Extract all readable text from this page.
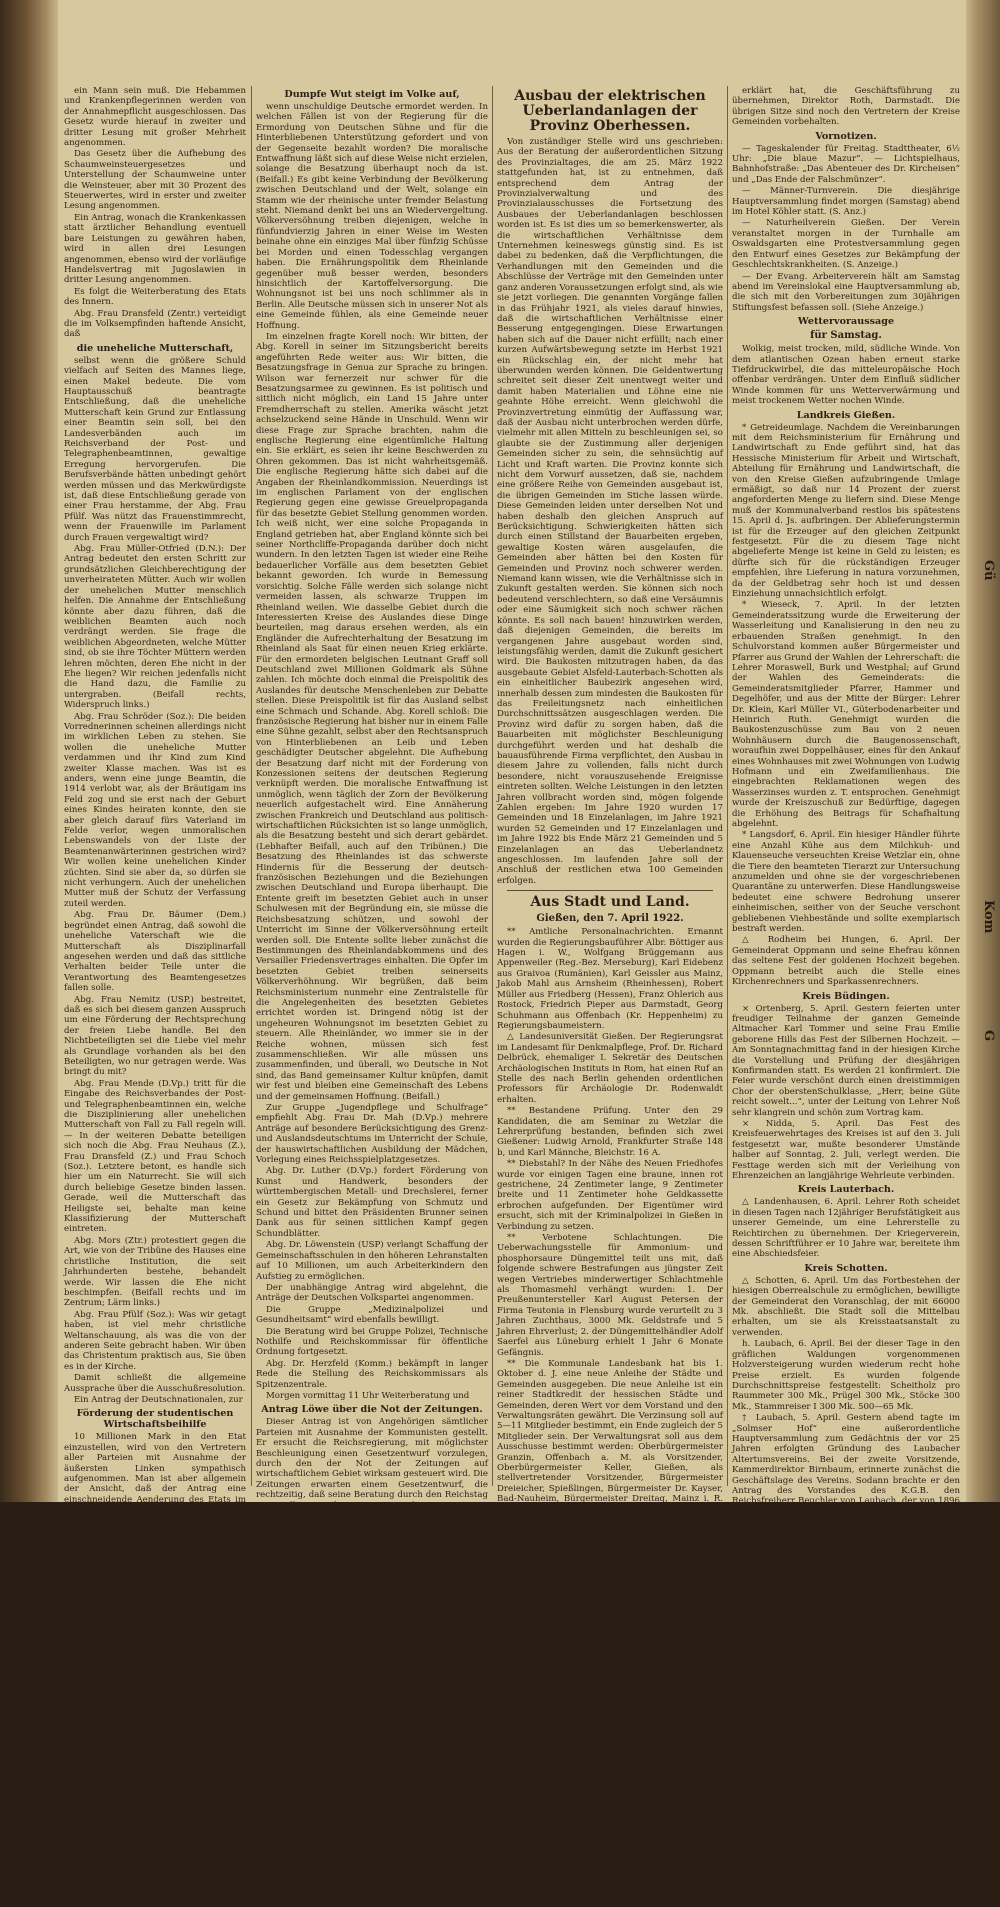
ein Mann sein muß. Die Hebammen und Krankenpflegerinnen werden von der Annahmepflicht ausgeschlossen. Das Gesetz wurde hierauf in zweiter und dritter Lesung mit großer Mehrheit angenommen.

Das Gesetz über die Aufhebung des Schaumweinsteuergesetzes und Unterstellung der Schaumweine unter die Weinsteuer, aber mit 30 Prozent des Steuerwertes, wird in erster und zweiter Lesung angenommen.

Ein Antrag, wonach die Krankenkassen statt ärztlicher Behandlung eventuell bare Leistungen zu gewähren haben, wird in allen drei Lesungen angenommen, ebenso wird der vorläufige Handelsvertrag mit Jugoslawien in dritter Lesung angenommen.

Es folgt die Weiterberatung des Etats des Innern.

Abg. Frau Dransfeld (Zentr.) verteidigt die im Volksempfinden haftende Ansicht, daß

die uneheliche Mutterschaft,

selbst wenn die größere Schuld vielfach auf Seiten des Mannes liege, einen Makel bedeute. Die vom Hauptausschuß beantragte Entschließung, daß die uneheliche Mutterschaft kein Grund zur Entlassung einer Beamtin sein soll, bei den Landesverbänden auch im Reichsverband der Post- und Telegraphenbeamtinnen, gewaltige Erregung hervorgerufen. Die Berufsverbände hätten unbedingt gehört werden müssen und das Merkwürdigste ist, daß diese Entschließung gerade von einer Frau herstamme, der Abg. Frau Pfülf. Was nützt das Frauenstimmrecht, wenn der Frauenwille im Parlament durch Frauen vergewaltigt wird?

Abg. Frau Müller-Otfried (D.N.): Der Antrag bedeutet den ersten Schritt zur grundsätzlichen Gleichberechtigung der unverheirateten Mütter. Auch wir wollen der unehelichen Mutter menschlich helfen. Die Annahme der Entschließung könnte aber dazu führen, daß die weiblichen Beamten auch noch verdrängt werden. Sie frage die weiblichen Abgeordneten, welche Mütter sind, ob sie ihre Töchter Müttern werden lehren möchten, deren Ehe nicht in der Ehe liegen? Wir reichen jedenfalls nicht die Hand dazu, die Familie zu untergraben. (Beifall rechts, Widerspruch links.)

Abg. Frau Schröder (Soz.): Die beiden Vorrednerinnen scheinen allerdings nicht im wirklichen Leben zu stehen. Sie wollen die uneheliche Mutter verdammen und ihr Kind zum Kind zweiter Klasse machen. Was ist es anders, wenn eine junge Beamtin, die 1914 verlobt war, als der Bräutigam ins Feld zog und sie erst nach der Geburt eines Kindes heiraten konnte, den sie aber gleich darauf fürs Vaterland im Felde verlor, wegen unmoralischen Lebenswandels von der Liste der Beamtenanwärterinnen gestrichen wird? Wir wollen keine unehelichen Kinder züchten. Sind sie aber da, so dürfen sie nicht verhungern. Auch der unehelichen Mutter muß der Schutz der Verfassung zuteil werden.

Abg. Frau Dr. Bäumer (Dem.) begründet einen Antrag, daß sowohl die uneheliche Vaterschaft wie die Mutterschaft als Disziplinarfall angesehen werden und daß das sittliche Verhalten beider Teile unter die Verantwortung des Beamtengesetzes fallen solle.

Abg. Frau Nemitz (USP.) bestreitet, daß es sich bei diesem ganzen Ausspruch um eine Förderung der Rechtsprechung der freien Liebe handle. Bei den Nichtbeteiligten sei die Liebe viel mehr als Grundlage vorhanden als bei den Beteiligten, wo nur getragen werde. Was bringt du mit?

Abg. Frau Mende (D.Vp.) tritt für die Eingabe des Reichsverbandes der Post- und Telegraphenbeamtinnen ein, welche die Disziplinierung aller unehelichen Mutterschaft von Fall zu Fall regeln will. — In der weiteren Debatte beteiligen sich noch die Abg. Frau Neuhaus (Z.), Frau Dransfeld (Z.) und Frau Schoch (Soz.). Letztere betont, es handle sich hier um ein Naturrecht. Sie will sich durch beliebige Gesetze binden lassen. Gerade, weil die Mutterschaft das Heiligste sei, behalte man keine Klassifizierung der Mutterschaft eintreten.

Abg. Mors (Ztr.) protestiert gegen die Art, wie von der Tribüne des Hauses eine christliche Institution, die seit Jahrhunderten bestehe, behandelt werde. Wir lassen die Ehe nicht beschimpfen. (Beifall rechts und im Zentrum; Lärm links.)

Abg. Frau Pfülf (Soz.): Was wir getagt haben, ist viel mehr christliche Weltanschauung, als was die von der anderen Seite gebracht haben. Wir üben das Christentum praktisch aus, Sie üben es in der Kirche.

Damit schließt die allgemeine Aussprache über die Ausschußresolution.

Ein Antrag der Deutschnationalen, zur

Förderung der studentischen Wirtschaftsbeihilfe

10 Millionen Mark in den Etat einzustellen, wird von den Vertretern aller Parteien mit Ausnahme der äußersten Linken sympathisch aufgenommen. Man ist aber allgemein der Ansicht, daß der Antrag eine einschneidende Aenderung des Etats im letzten Moment bedeute und somit hier nicht erfüllt werden könne.

Abg. Koch-Weser (Dem.) befürwortet eine Entschließung wegen Errichtung eines Hochhauses in Berlin zur Unterbringung der hauptsächlichsten Regierungsstellen. Diese Entschließung wird angenommen, ebenso eine solche, über Vorlegung eines Lehrerbildungsgesetzes.

Der Antrag über die studentische Wirtschaftsbeihilfe wird abgelehnt, die Entschließung über baldige Schaffung einer Einheitsstenographie angenommen.

Die Entschließung, wonach uneheliche Mutterschaft kein Entlassungsgrund sein soll, wird unter lebhaften Pfuirufen der Linken mit 199 gegen 156 Stimmen bei zwei Stimmenthaltungen abgelehnt.

Der demokratische Antrag, die Entscheidung über die höhere Beamtenqualifikation von Fall zu Fall zu treffen, wird dem Rechtsausschuß überwiesen.

Nachdem sodann das Gesetz über die Beseitigung der Schaumweinsteuer in dritter Lesung endgültig angenommen worden war, wird die Etatsberatung fortgesetzt.

Beim Kapitel „Besetzte Gebiete“ führt der Abg. Korell (Dem.) aus: Es ist eine politische und sittliche Unmöglichkeit, ein Land wie das Rheinland 15 Jahre unter fremder Willkürherrschaft zu halten. Es zeigt sich da die völlige Abhängigkeit der englischen von der französischen Politik.

Dumpfe Wut steigt im Volke auf,

wenn unschuldige Deutsche ermordet werden. In welchen Fällen ist von der Regierung für die Ermordung von Deutschen Sühne und für die Hinterbliebenen Unterstützung gefordert und von der Gegenseite bezahlt worden? Die moralische Entwaffnung läßt sich auf diese Weise nicht erzielen, solange die Besatzung überhaupt noch da ist. (Beifall.) Es gibt keine Verbindung der Bevölkerung zwischen Deutschland und der Welt, solange ein Stamm wie der rheinische unter fremder Belastung steht. Niemand denkt bei uns an Wiedervergeltung. Völkerversöhnung treiben diejenigen, welche in fünfundvierzig Jahren in einer Weise im Westen beinahe ohne ein einziges Mal über fünfzig Schüsse bei Morden und einen Todesschlag vergangen haben. Die Ernährungspolitik dem Rheinlande gegenüber muß besser werden, besonders hinsichtlich der Kartoffelversorgung. Die Wohnungsnot ist bei uns noch schlimmer als in Berlin. Alle Deutsche müssen sich in unserer Not als eine Gemeinde fühlen, als eine Gemeinde neuer Hoffnung.

Im einzelnen fragte Korell noch: Wir bitten, der Abg. Korell in seiner im Sitzungsbericht bereits angeführten Rede weiter aus: Wir bitten, die Besatzungsfrage in Genua zur Sprache zu bringen. Wilson war fernerzeit nur schwer für die Besatzungsarmee zu gewinnen. Es ist politisch und sittlich nicht möglich, ein Land 15 Jahre unter Fremdherrschaft zu stellen. Amerika wäscht jetzt achselzuckend seine Hände in Unschuld. Wenn wir diese Frage zur Sprache brachten, nahm die englische Regierung eine eigentümliche Haltung ein. Sie erklärt, es seien ihr keine Beschwerden zu Ohren gekommen. Das ist nicht wahrheitsgemäß. Die englische Regierung hätte sich dabei auf die Angaben der Rheinlandkommission. Neuerdings ist im englischen Parlament von der englischen Regierung gegen eine gewisse Greuelpropaganda für das besetzte Gebiet Stellung genommen worden. Ich weiß nicht, wer eine solche Propaganda in England getrieben hat, aber England könnte sich bei seiner Northcliffe-Propaganda darüber doch nicht wundern. In den letzten Tagen ist wieder eine Reihe bedauerlicher Vorfälle aus dem besetzten Gebiet bekannt geworden. Ich wurde in Bemessung vorsichtig. Solche Fälle werden sich solange nicht vermeiden lassen, als schwarze Truppen im Rheinland weilen. Wie dasselbe Gebiet durch die Interessierten Kreise des Auslandes diese Dinge beurteilen, mag daraus ersehen werden, als ein Engländer die Aufrechterhaltung der Besatzung im Rheinland als Saat für einen neuen Krieg erklärte. Für den ermordeten belgischen Leutnant Graff soll Deutschland zwei Millionen Goldmark als Sühne zahlen. Ich möchte doch einmal die Preispolitik des Auslandes für deutsche Menschenleben zur Debatte stellen. Diese Preispolitik ist für das Ausland selbst eine Schmach und Schande. Abg. Korell schloß: Die französische Regierung hat bisher nur in einem Falle eine Sühne gezahlt, selbst aber den Rechtsanspruch von Hinterbliebenen an Leib und Leben geschädigter Deutscher abgelehnt. Die Aufhebung der Besatzung darf nicht mit der Forderung von Konzessionen seitens der deutschen Regierung verknüpft werden. Die moralische Entwaffnung ist unmöglich, wenn täglich der Zorn der Bevölkerung neuerlich aufgestachelt wird. Eine Annäherung zwischen Frankreich und Deutschland aus politisch-wirtschaftlichen Rücksichten ist so lange unmöglich, als die Besatzung besteht und sich derart gebärdet. (Lebhafter Beifall, auch auf den Tribünen.) Die Besatzung des Rheinlandes ist das schwerste Hindernis für die Besserung der deutsch-französischen Beziehungen und die Beziehungen zwischen Deutschland und Europa überhaupt. Die Entente greift im besetzten Gebiet auch in unser Schulwesen mit der Begründung ein, sie müsse die Reichsbesatzung schützen, und sowohl der Unterricht im Sinne der Völkerversöhnung erteilt werden soll. Die Entente sollte lieber zunächst die Bestimmungen des Rheinlandabkommens und des Versailler Friedensvertrages einhalten. Die Opfer im besetzten Gebiet treiben seinerseits Völkerverhöhnung. Wir begrüßen, daß beim Reichsministerium nunmehr eine Zentralstelle für die Angelegenheiten des besetzten Gebietes errichtet worden ist. Dringend nötig ist der ungeheuren Wohnungsnot im besetzten Gebiet zu steuern. Alle Rheinländer, wo immer sie in der Reiche wohnen, müssen sich fest zusammenschließen. Wir alle müssen uns zusammenfinden, und überall, wo Deutsche in Not sind, das Band gemeinsamer Kultur knüpfen, damit wir fest und bleiben eine Gemeinschaft des Lebens und der gemeinsamen Hoffnung. (Beifall.)

Zur Gruppe „Jugendpflege und Schulfrage“ empfiehlt Abg. Frau Dr. Mah (D.Vp.) mehrere Anträge auf besondere Berücksichtigung des Grenz- und Auslandsdeutschtums im Unterricht der Schule, der hauswirtschaftlichen Ausbildung der Mädchen, Vorlegung eines Reichsspielplatzgesetzes.

Abg. Dr. Luther (D.Vp.) fordert Förderung von Kunst und Handwerk, besonders der württembergischen Metall- und Drechslerei, ferner ein Gesetz zur Bekämpfung von Schmutz und Schund und bittet den Präsidenten Brunner seinen Dank aus für seinen sittlichen Kampf gegen Schundblätter.

Abg. Dr. Löwenstein (USP) verlangt Schaffung der Gemeinschaftsschulen in den höheren Lehranstalten auf 10 Millionen, um auch Arbeiterkindern den Aufstieg zu ermöglichen.

Der unabhängige Antrag wird abgelehnt, die Anträge der Deutschen Volkspartei angenommen.

Die Gruppe „Medizinalpolizei und Gesundheitsamt“ wird ebenfalls bewilligt.

Die Beratung wird bei Gruppe Polizei, Technische Nothilfe und Reichskommissar für öffentliche Ordnung fortgesetzt.

Abg. Dr. Herzfeld (Komm.) bekämpft in langer Rede die Stellung des Reichskommissars als Spitzenzentrale.

Morgen vormittag 11 Uhr Weiterberatung und

Antrag Löwe über die Not der Zeitungen.

Dieser Antrag ist von Angehörigen sämtlicher Parteien mit Ausnahme der Kommunisten gestellt. Er ersucht die Reichsregierung, mit möglichster Beschleunigung einen Gesetzentwurf vorzulegen, durch den der Not der Zeitungen auf wirtschaftlichem Gebiet wirksam gesteuert wird. Die Zeitungen erwarten einem Gesetzentwurf, die rechtzeitig, daß seine Beratung durch den Reichstag unmittelbar nach seinem Wiederzusammentritt begonnen werden kann.

Ausbau der elektrischen Ueberlandanlagen der Provinz Oberhessen.

Von zuständiger Stelle wird uns geschrieben: Aus der Beratung der außerordentlichen Sitzung des Provinzialtages, die am 25. März 1922 stattgefunden hat, ist zu entnehmen, daß entsprechend dem Antrag der Provinzialverwaltung und des Provinzialausschusses die Fortsetzung des Ausbaues der Ueberlandanlagen beschlossen worden ist. Es ist dies um so bemerkenswerter, als die wirtschaftlichen Verhältnisse dem Unternehmen keineswegs günstig sind. Es ist dabei zu bedenken, daß die Verpflichtungen, die Verhandlungen mit den Gemeinden und die Abschlüsse der Verträge mit den Gemeinden unter ganz anderen Voraussetzungen erfolgt sind, als wie sie jetzt vorliegen. Die genannten Vorgänge fallen in das Frühjahr 1921, als vieles darauf hinwies, daß die wirtschaftlichen Verhältnisse einer Besserung entgegengingen. Diese Erwartungen haben sich auf die Dauer nicht erfüllt; nach einer kurzen Aufwärtsbewegung setzte im Herbst 1921 ein Rückschlag ein, der nicht mehr hat überwunden werden können. Die Geldentwertung schreitet seit dieser Zeit unentwegt weiter und damit haben Materialien und Löhne eine nie geahnte Höhe erreicht. Wenn gleichwohl die Provinzvertretung einmütig der Auffassung war, daß der Ausbau nicht unterbrochen werden dürfe, vielmehr mit allen Mitteln zu beschleunigen sei, so glaubte sie der Zustimmung aller derjenigen Gemeinden sicher zu sein, die sehnsüchtig auf Licht und Kraft warten. Die Provinz konnte sich nicht dem Vorwurf aussetzen, daß sie, nachdem eine größere Reihe von Gemeinden ausgebaut ist, die übrigen Gemeinden im Stiche lassen würde. Diese Gemeinden leiden unter derselben Not und haben deshalb den gleichen Anspruch auf Berücksichtigung. Schwierigkeiten hätten sich durch einen Stillstand der Bauarbeiten ergeben, gewaltige Kosten wären ausgelaufen, die Gemeinden aber hätten bei den Kosten für Gemeinden und Provinz noch schwerer werden. Niemand kann wissen, wie die Verhältnisse sich in Zukunft gestalten werden. Sie können sich noch bedeutend verschlechtern, so daß eine Versäumnis oder eine Säumigkeit sich noch schwer rächen könnte. Es soll nach bauen! hinzuwirken werden, daß diejenigen Gemeinden, die bereits im vergangenen Jahre ausgebaut worden sind, leistungsfähig werden, damit die Zukunft gesichert wird. Die Baukosten mitzutragen haben, da das ausgebaute Gebiet Alsfeld-Lauterbach-Schotten als ein einheitlicher Baubezirk angesehen wird, innerhalb dessen zum mindesten die Baukosten für das Freileitungsnetz nach einheitlichen Durchschnittssätzen ausgeschlagen werden. Die Provinz wird dafür zu sorgen haben, daß die Bauarbeiten mit möglichster Beschleunigung durchgeführt werden und hat deshalb die bauausführende Firma verpflichtet, den Ausbau in diesem Jahre zu vollenden, falls nicht durch besondere, nicht vorauszusehende Ereignisse eintreten sollten. Welche Leistungen in den letzten Jahren vollbracht worden sind, mögen folgende Zahlen ergeben: Im Jahre 1920 wurden 17 Gemeinden und 18 Einzelanlagen, im Jahre 1921 wurden 52 Gemeinden und 17 Einzelanlagen und im Jahre 1922 bis Ende März 21 Gemeinden und 5 Einzelanlagen an das Ueberlandnetz angeschlossen. Im laufenden Jahre soll der Anschluß der restlichen etwa 100 Gemeinden erfolgen.

Aus Stadt und Land.
Gießen, den 7. April 1922.

** Amtliche Personalnachrichten. Ernannt wurden die Regierungsbauführer Albr. Böttiger aus Hagen i. W., Wolfgang Brüggemann aus Appenweiler (Reg.-Bez. Merseburg), Karl Eidebenz aus Graivoa (Rumänien), Karl Geissler aus Mainz, Jakob Mahl aus Arnsheim (Rheinhessen), Robert Müller aus Friedberg (Hessen), Franz Ohlerich aus Rostock, Friedrich Pieper aus Darmstadt, Georg Schuhmann aus Offenbach (Kr. Heppenheim) zu Regierungsbaumeistern.

△ Landesuniversität Gießen. Der Regierungsrat im Landesamt für Denkmalpflege, Prof. Dr. Richard Delbrück, ehemaliger I. Sekretär des Deutschen Archäologischen Instituts in Rom, hat einen Ruf an Stelle des nach Berlin gehenden ordentlichen Professors für Archäologie Dr. Rodenwaldt erhalten.

** Bestandene Prüfung. Unter den 29 Kandidaten, die am Seminar zu Wetzlar die Lehrerprüfung bestanden, befinden sich zwei Gießener: Ludwig Arnold, Frankfurter Straße 148 b, und Karl Männche, Bleichstr. 16 A.

** Diebstahl? In der Nähe des Neuen Friedhofes wurde vor einigen Tagen eine braune, innen rot gestrichene, 24 Zentimeter lange, 9 Zentimeter breite und 11 Zentimeter hohe Geldkassette erbrochen aufgefunden. Der Eigentümer wird ersucht, sich mit der Kriminalpolizei in Gießen in Verbindung zu setzen.

** Verbotene Schlachtungen. Die Ueberwachungsstelle für Ammonium- und phosphorsaure Düngemittel teilt uns mit, daß folgende schwere Bestrafungen aus jüngster Zeit wegen Vertriebes minderwertiger Schlachtmehle als Thomasmehl verhängt wurden: 1. Der Preußenuntersteller Karl August Petersen der Firma Teutonia in Flensburg wurde verurteilt zu 3 Jahren Zuchthaus, 3000 Mk. Geldstrafe und 5 Jahren Ehrverlust; 2. der Düngemittelhändler Adolf Saerfel aus Lüneburg erhielt 1 Jahr 6 Monate Gefängnis.

** Die Kommunale Landesbank hat bis 1. Oktober d. J. eine neue Anleihe der Städte und Gemeinden ausgegeben. Die neue Anleihe ist ein reiner Stadtkredit der hessischen Städte und Gemeinden, deren Wert vor dem Vorstand und den Verwaltungsräten gewährt. Die Verzinsung soll auf 5—11 Mitglieder bestimmt, ein Ende zugleich der 5 Mitglieder sein. Der Verwaltungsrat soll aus dem Ausschusse bestimmt werden: Oberbürgermeister Granzin, Offenbach a. M. als Vorsitzender, Oberbürgermeister Keller, Gießen, als stellvertretender Vorsitzender, Bürgermeister Dreieicher, Spießlingen, Bürgermeister Dr. Kayser, Bad-Nauheim, Bürgermeister Dreitag, Mainz i. R. Die noch fehlenden Glieder sollen gewählt und sind in der Verwaltung vertreten.

erklärt hat, die Geschäftsführung zu übernehmen, Direktor Roth, Darmstadt. Die übrigen Sitze sind noch den Vertretern der Kreise Gemeinden vorbehalten.

Vornotizen.

— Tageskalender für Freitag. Stadttheater, 6½ Uhr: „Die blaue Mazur“. — Lichtspielhaus, Bahnhofstraße: „Das Abenteuer des Dr. Kircheisen“ und „Das Ende der Falschmünzer“.

— Männer-Turnverein. Die diesjährige Hauptversammlung findet morgen (Samstag) abend im Hotel Köhler statt. (S. Anz.)

— Naturheilverein Gießen. Der Verein veranstaltet morgen in der Turnhalle am Oswaldsgarten eine Protestversammlung gegen den Entwurf eines Gesetzes zur Bekämpfung der Geschlechtskrankheiten. (S. Anzeige.)

— Der Evang. Arbeiterverein hält am Samstag abend im Vereinslokal eine Hauptversammlung ab, die sich mit den Vorbereitungen zum 30jährigen Stiftungsfest befassen soll. (Siehe Anzeige.)

Wettervoraussage
für Samstag.

Wolkig, meist trocken, mild, südliche Winde. Von dem atlantischen Ozean haben erneut starke Tiefdruckwirbel, die das mitteleuropäische Hoch offenbar verdrängen. Unter dem Einfluß südlicher Winde kommen für uns Wetterverwärmung und meist trockenem Wetter nochen Winde.

Landkreis Gießen.

* Getreideumlage. Nachdem die Vereinbarungen mit dem Reichsministerium für Ernährung und Landwirtschaft zu Ende geführt sind, hat das Hessische Ministerium für Arbeit und Wirtschaft, Abteilung für Ernährung und Landwirtschaft, die von den Kreise Gießen aufzubringende Umlage ermäßigt, so daß nur 14 Prozent der zuerst angeforderten Menge zu liefern sind. Diese Menge muß der Kommunalverband restlos bis spätestens 15. April d. Js. aufbringen. Der Ablieferungstermin ist für die Erzeuger auf den gleichen Zeitpunkt festgesetzt. Für die zu diesem Tage nicht abgelieferte Menge ist keine in Geld zu leisten; es dürfte sich für die rückständigen Erzeuger empfehlen, ihre Lieferung in natura vorzunehmen, da der Geldbetrag sehr hoch ist und dessen Einziehung unnachsichtlich erfolgt.

* Wieseck, 7. April. In der letzten Gemeinderatssitzung wurde die Erweiterung der Wasserleitung und Kanalisierung in den neu zu erbauenden Straßen genehmigt. In den Schulvorstand kommen außer Bürgermeister und Pfarrer aus Grund der Wahlen der Lehrerschaft: die Lehrer Moraswell, Burk und Westphal; auf Grund der Wahlen des Gemeinderats: die Gemeinderatsmitglieder Pfarrer, Hammer und Degelhöfer, und aus der Mitte der Bürger: Lehrer Dr. Klein, Karl Müller VI., Güterbodenarbeiter und Heinrich Ruth. Genehmigt wurden die Baukostenzuschüsse zum Bau von 2 neuen Wohnhäusern durch die Baugenossenschaft, woraufhin zwei Doppelhäuser, eines für den Ankauf eines Wohnhauses mit zwei Wohnungen von Ludwig Hofmann und ein Zweifamilienhaus. Die eingebrachten Reklamationen wegen des Wasserzinses wurden z. T. entsprochen. Genehmigt wurde der Kreiszuschuß zur Bedürftige, dagegen die Erhöhung des Beitrags für Schafhaltung abgelehnt.

* Langsdorf, 6. April. Ein hiesiger Händler führte eine Anzahl Kühe aus dem Milchkuh- und Klauenseuche verseuchten Kreise Wetzlar ein, ohne die Tiere den beamteten Tierarzt zur Untersuchung anzumelden und ohne sie der vorgeschriebenen Quarantäne zu unterwerfen. Diese Handlungsweise bedeutet eine schwere Bedrohung unserer einheimischen, seither von der Seuche verschont gebliebenen Viehbestände und sollte exemplarisch bestraft werden.

△ Rodheim bei Hungen, 6. April. Der Gemeinderat Oppmann und seine Ehefrau können das seltene Fest der goldenen Hochzeit begehen. Oppmann betreibt auch die Stelle eines Kirchenrechners und Sparkassenrechners.

Kreis Büdingen.

× Ortenberg, 5. April. Gestern feierten unter freudiger Teilnahme der ganzen Gemeinde Altmacher Karl Tommer und seine Frau Emilie geborene Hills das Fest der Silbernen Hochzeit. — Am Sonntagnachmittag fand in der hiesigen Kirche die Vorstellung und Prüfung der diesjährigen Konfirmanden statt. Es werden 21 konfirmiert. Die Feier wurde verschönt durch einen dreistimmigen Chor der oberstenSchulklasse, „Herr, beine Güte reicht sowelt...“, unter der Leitung von Lehrer Noß sehr klangrein und schön zum Vortrag kam.

× Nidda, 5. April. Das Fest des Kreisfeuerwehrtages des Kreises ist auf den 3. Juli festgesetzt war, mußte besonderer Umstände halber auf Sonntag, 2. Juli, verlegt werden. Die Festtage werden sich mit der Verleihung von Ehrenzeichen an langjährige Wehrleute verbinden.

Kreis Lauterbach.

△ Landenhausen, 6. April. Lehrer Roth scheidet in diesen Tagen nach 12jähriger Berufstätigkeit aus unserer Gemeinde, um eine Lehrerstelle zu Reichtirchen zu übernehmen. Der Kriegerverein, dessen Schriftführer er 10 Jahre war, bereitete ihm eine Abschiedsfeier.

Kreis Schotten.

△ Schotten, 6. April. Um das Fortbestehen der hiesigen Oberrealschule zu ermöglichen, bewilligte der Gemeinderat den Voranschlag, der mit 66000 Mk. abschließt. Die Stadt soll die Mittelbau erhalten, um sie als Kreisstaatsanstalt zu verwenden.

h. Laubach, 6. April. Bei der dieser Tage in den gräflichen Waldungen vorgenommenen Holzversteigerung wurden wiederum recht hohe Preise erzielt. Es wurden folgende Durchschnittspreise festgestellt: Scheitholz pro Raummeter 300 Mk., Prügel 300 Mk., Stöcke 300 Mk., Stammreiser I 300 Mk. 500—65 Mk.

† Laubach, 5. April. Gestern abend tagte im „Solmser Hof“ eine außerordentliche Hauptversammlung zum Gedächtnis der vor 25 Jahren erfolgten Gründung des Laubacher Altertumsvereins. Bei der zweite Vorsitzende, Kammerdirektor Birnbaum, erinnerte zunächst die Geschäftslage des Vereins. Sodann brachte er den Antrag des Vorstandes des K.G.B. den Reichsfreiherr Beuchler von Laubach, der von 1896 bis 1899 als zweiter, von 1900 bis heute als erster Vorsitzender gewirkt habe, zum Ehrenmitglied und Ehrenvorsitzenden zu

Gü
Kom
G
